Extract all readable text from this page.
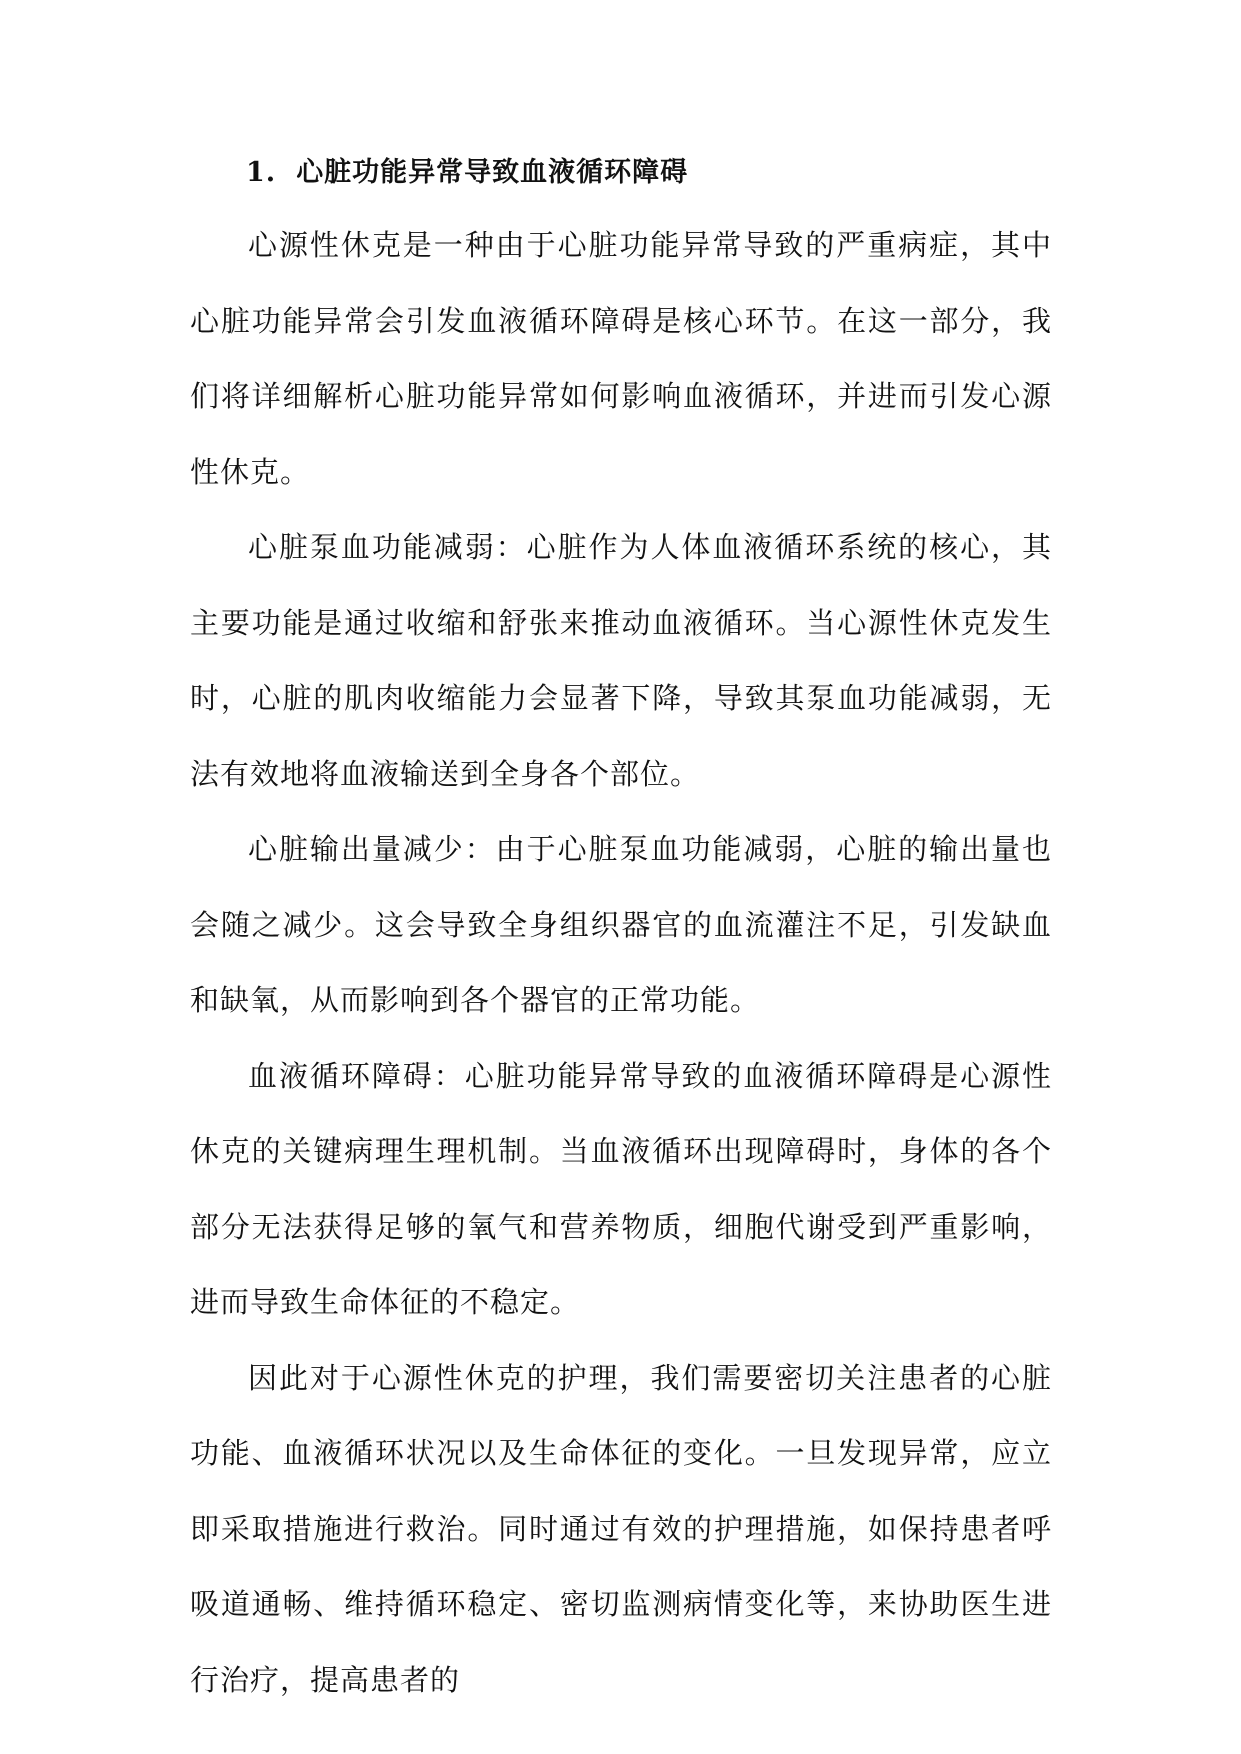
1. 心脏功能异常导致血液循环障碍

心源性休克是一种由于心脏功能异常导致的严重病症，其中心脏功能异常会引发血液循环障碍是核心环节。在这一部分，我们将详细解析心脏功能异常如何影响血液循环，并进而引发心源性休克。

心脏泵血功能减弱：心脏作为人体血液循环系统的核心，其主要功能是通过收缩和舒张来推动血液循环。当心源性休克发生时，心脏的肌肉收缩能力会显著下降，导致其泵血功能减弱，无法有效地将血液输送到全身各个部位。

心脏输出量减少：由于心脏泵血功能减弱，心脏的输出量也会随之减少。这会导致全身组织器官的血流灌注不足，引发缺血和缺氧，从而影响到各个器官的正常功能。

血液循环障碍：心脏功能异常导致的血液循环障碍是心源性休克的关键病理生理机制。当血液循环出现障碍时，身体的各个部分无法获得足够的氧气和营养物质，细胞代谢受到严重影响，进而导致生命体征的不稳定。

因此对于心源性休克的护理，我们需要密切关注患者的心脏功能、血液循环状况以及生命体征的变化。一旦发现异常，应立即采取措施进行救治。同时通过有效的护理措施，如保持患者呼吸道通畅、维持循环稳定、密切监测病情变化等，来协助医生进行治疗，提高患者的
